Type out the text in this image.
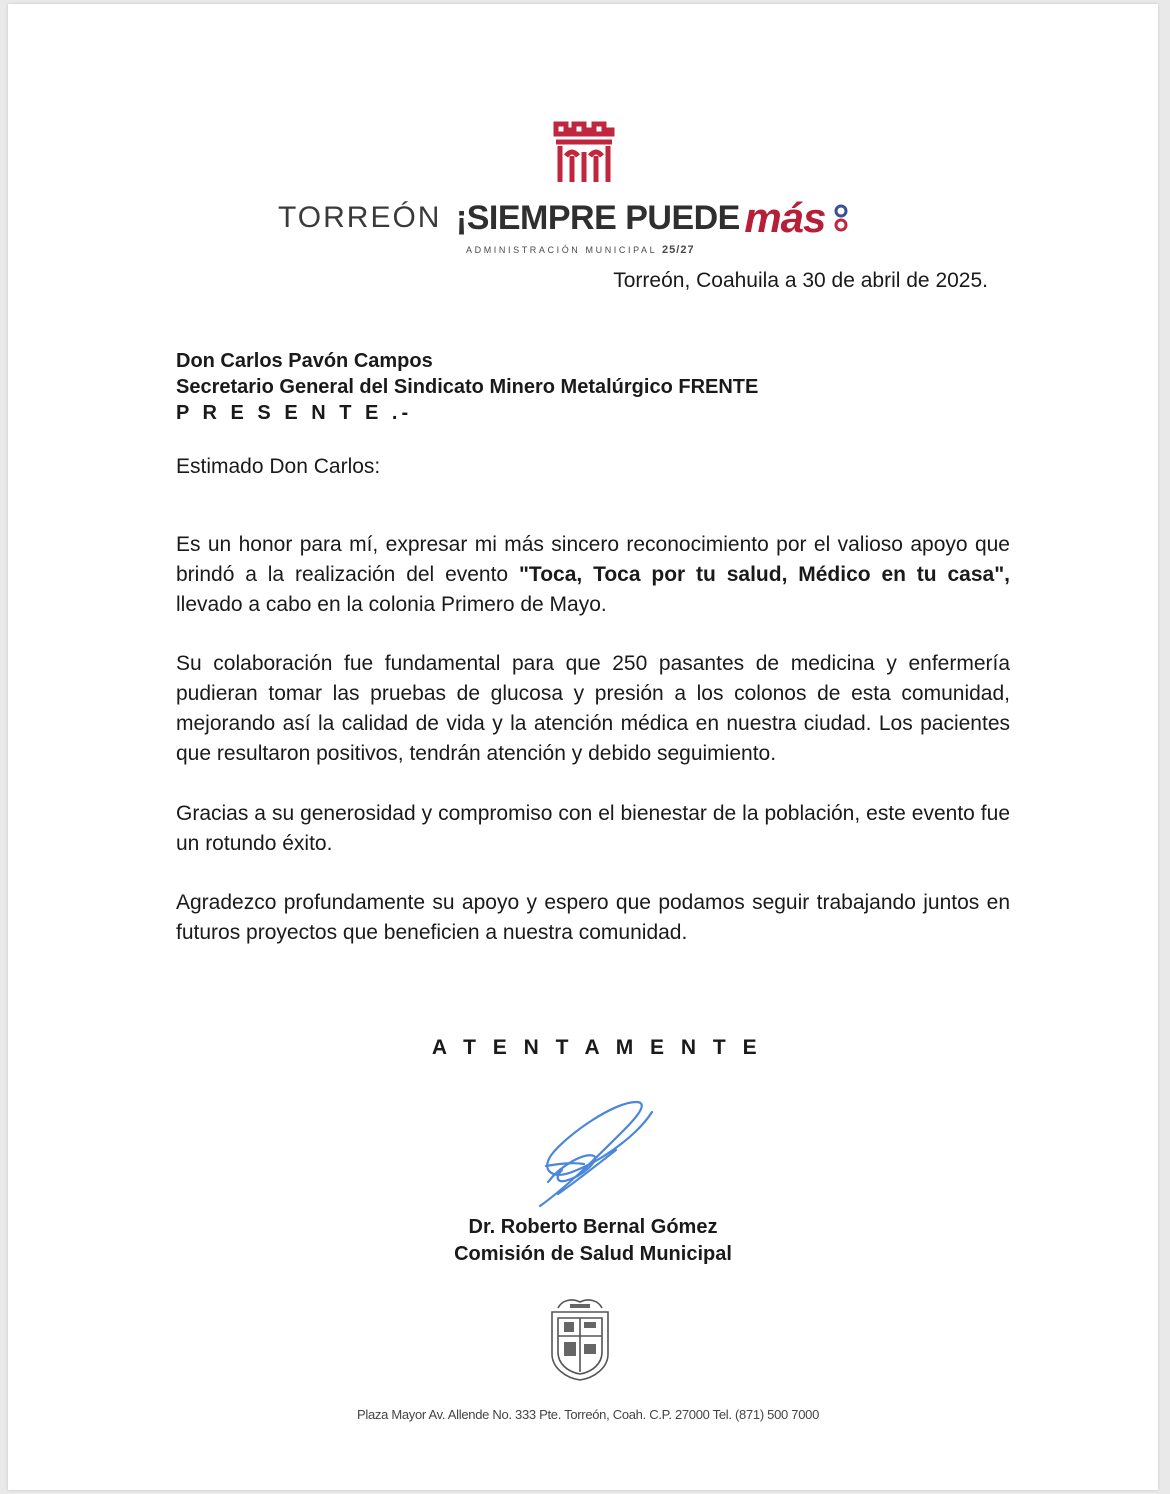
TORREÓN ¡SIEMPRE PUEDE más
ADMINISTRACIÓN MUNICIPAL 25/27
Torreón, Coahuila a 30 de abril de 2025.
Don Carlos Pavón Campos
Secretario General del Sindicato Minero Metalúrgico FRENTE
P R E S E N T E .-
Estimado Don Carlos:
Es un honor para mí, expresar mi más sincero reconocimiento por el valioso apoyo que brindó a la realización del evento "Toca, Toca por tu salud, Médico en tu casa", llevado a cabo en la colonia Primero de Mayo.
Su colaboración fue fundamental para que 250 pasantes de medicina y enfermería pudieran tomar las pruebas de glucosa y presión a los colonos de esta comunidad, mejorando así la calidad de vida y la atención médica en nuestra ciudad. Los pacientes que resultaron positivos, tendrán atención y debido seguimiento.
Gracias a su generosidad y compromiso con el bienestar de la población, este evento fue un rotundo éxito.
Agradezco profundamente su apoyo y espero que podamos seguir trabajando juntos en futuros proyectos que beneficien a nuestra comunidad.
A T E N T A M E N T E
Dr. Roberto Bernal Gómez
Comisión de Salud Municipal
Plaza Mayor Av. Allende No. 333 Pte. Torreón, Coah. C.P. 27000 Tel. (871) 500 7000
